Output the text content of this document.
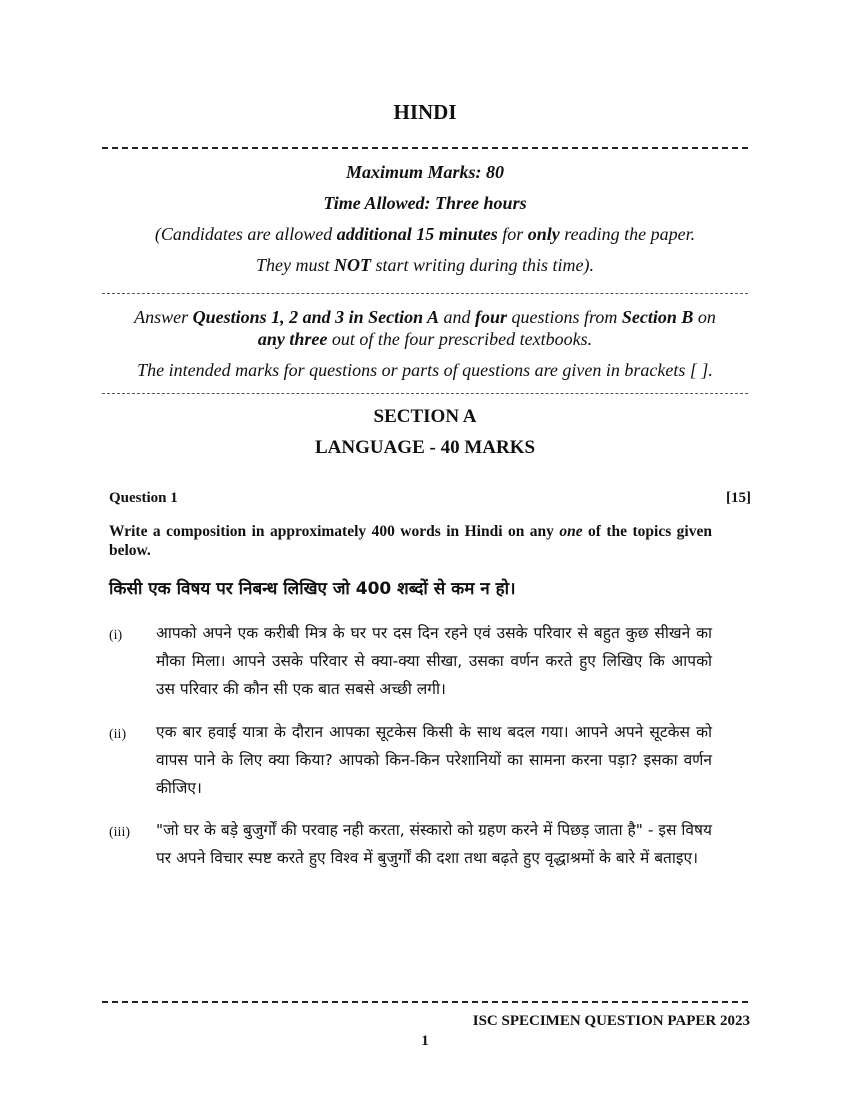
HINDI
Maximum Marks: 80
Time Allowed: Three hours
(Candidates are allowed additional 15 minutes for only reading the paper.
They must NOT start writing during this time).
Answer Questions 1, 2 and 3 in Section A and four questions from Section B on
any three out of the four prescribed textbooks.
The intended marks for questions or parts of questions are given in brackets [ ].
SECTION A
LANGUAGE - 40 MARKS
Question 1	[15]
Write a composition in approximately 400 words in Hindi on any one of the topics given below.
किसी एक विषय पर निबन्ध लिखिए जो 400 शब्दों से कम न हो।
(i) आपको अपने एक करीबी मित्र के घर पर दस दिन रहने एवं उसके परिवार से बहुत कुछ सीखने का मौका मिला। आपने उसके परिवार से क्या-क्या सीखा, उसका वर्णन करते हुए लिखिए कि आपको उस परिवार की कौन सी एक बात सबसे अच्छी लगी।
(ii) एक बार हवाई यात्रा के दौरान आपका सूटकेस किसी के साथ बदल गया। आपने अपने सूटकेस को वापस पाने के लिए क्या किया? आपको किन-किन परेशानियों का सामना करना पड़ा? इसका वर्णन कीजिए।
(iii) "जो घर के बड़े बुजुर्गों की परवाह नही करता, संस्कारो को ग्रहण करने में पिछड़ जाता है" - इस विषय पर अपने विचार स्पष्ट करते हुए विश्व में बुजुर्गों की दशा तथा बढ़ते हुए वृद्धाश्रमों के बारे में बताइए।
ISC SPECIMEN QUESTION PAPER 2023
1
